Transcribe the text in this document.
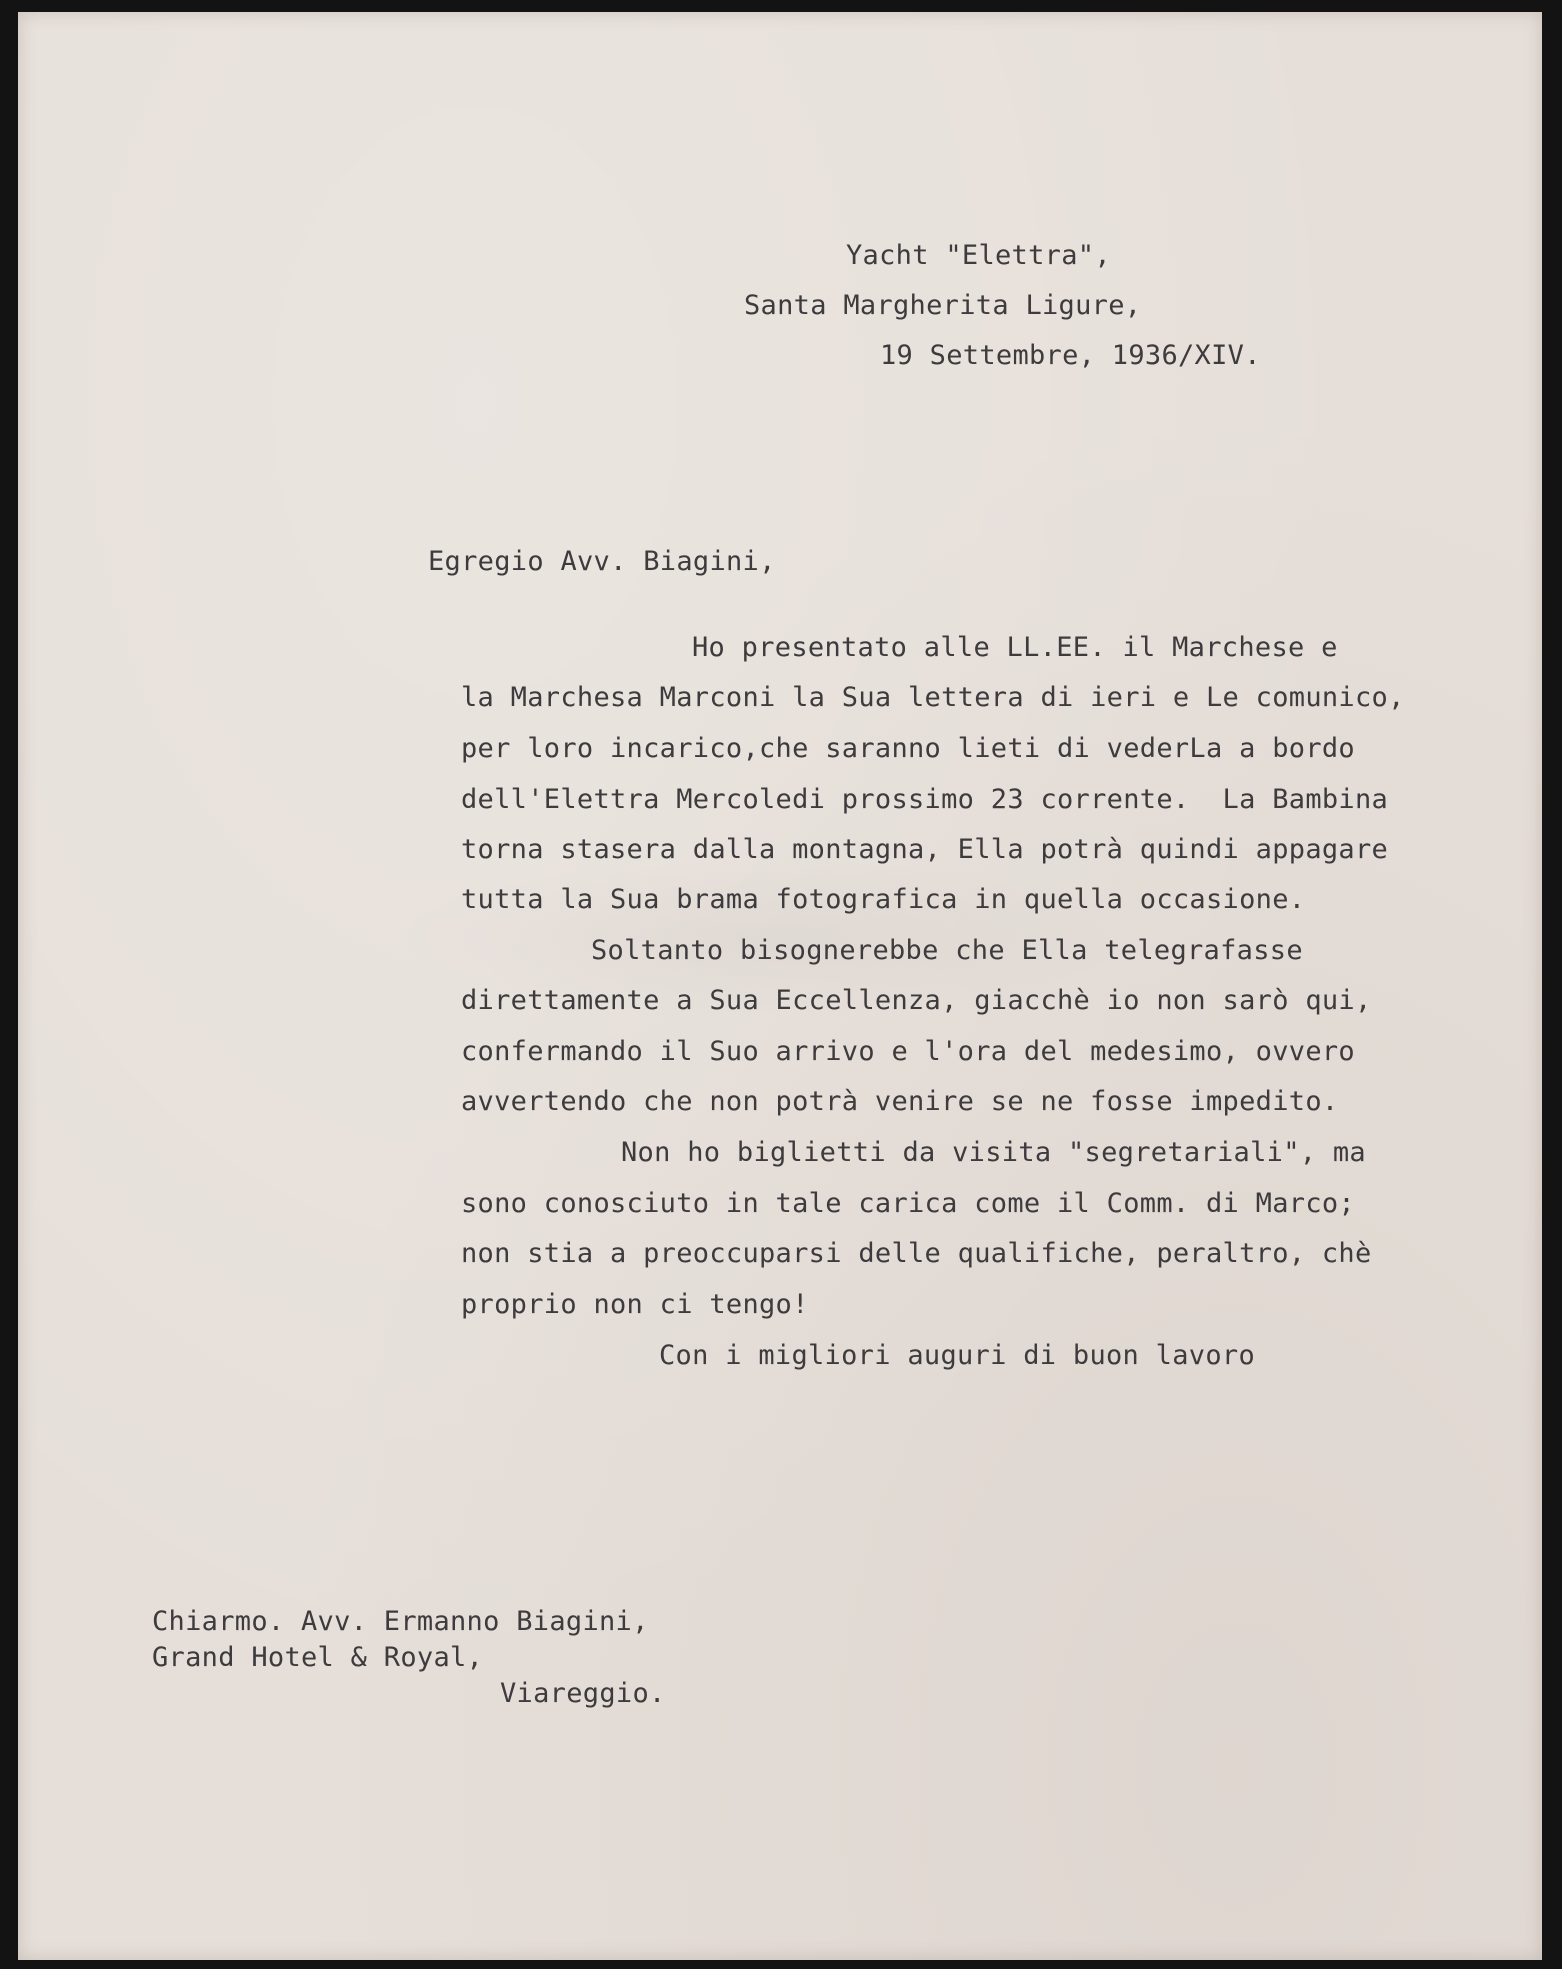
Yacht "Elettra",
Santa Margherita Ligure,
19 Settembre, 1936/XIV.
Egregio Avv. Biagini,
Ho presentato alle LL.EE. il Marchese e
la Marchesa Marconi la Sua lettera di ieri e Le comunico,
per loro incarico,che saranno lieti di vederLa a bordo
dell'Elettra Mercoledi prossimo 23 corrente.  La Bambina
torna stasera dalla montagna, Ella potrà quindi appagare
tutta la Sua brama fotografica in quella occasione.
Soltanto bisognerebbe che Ella telegrafasse
direttamente a Sua Eccellenza, giacchè io non sarò qui,
confermando il Suo arrivo e l'ora del medesimo, ovvero
avvertendo che non potrà venire se ne fosse impedito.
Non ho biglietti da visita "segretariali", ma
sono conosciuto in tale carica come il Comm. di Marco;
non stia a preoccuparsi delle qualifiche, peraltro, chè
proprio non ci tengo!
Con i migliori auguri di buon lavoro
Chiarmo. Avv. Ermanno Biagini,
Grand Hotel & Royal,
Viareggio.
